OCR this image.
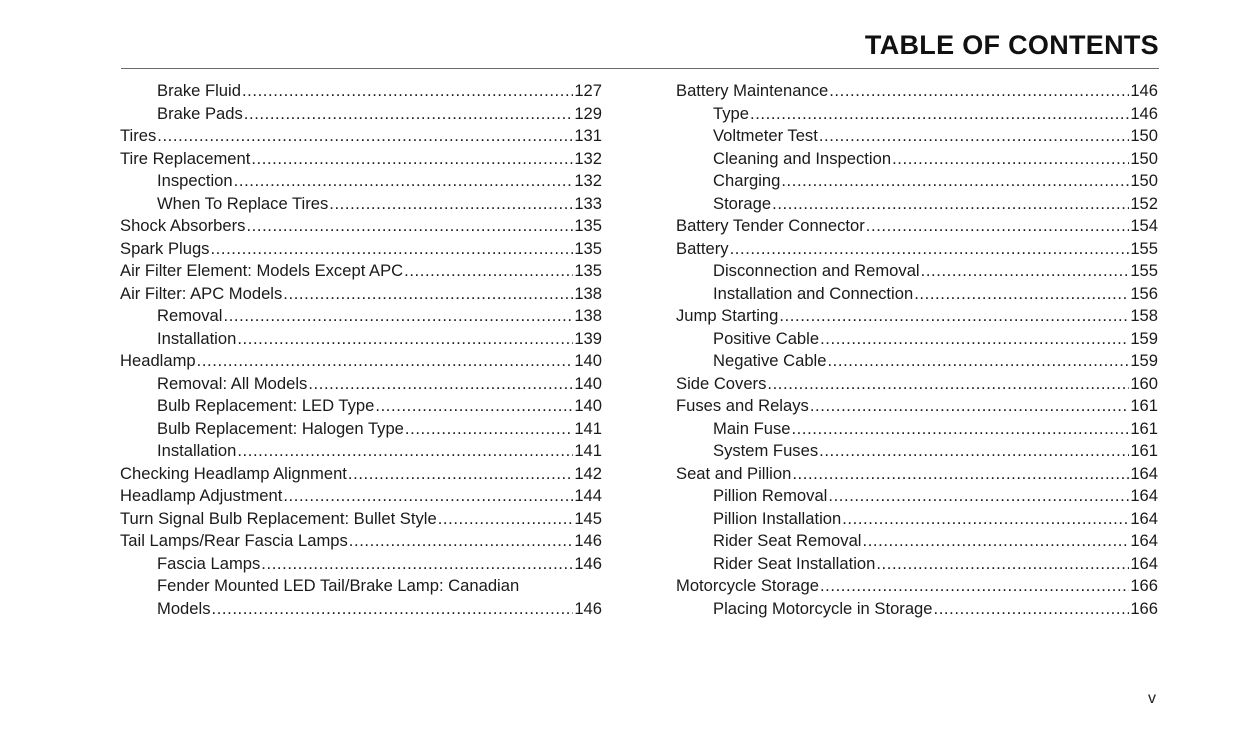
TABLE OF CONTENTS
Brake Fluid .....	127
Brake Pads .....	129
Tires .....	131
Tire Replacement .....	132
Inspection .....	132
When To Replace Tires .....	133
Shock Absorbers .....	135
Spark Plugs .....	135
Air Filter Element: Models Except APC .....	135
Air Filter: APC Models .....	138
Removal .....	138
Installation .....	139
Headlamp .....	140
Removal: All Models .....	140
Bulb Replacement: LED Type .....	140
Bulb Replacement: Halogen Type .....	141
Installation .....	141
Checking Headlamp Alignment .....	142
Headlamp Adjustment .....	144
Turn Signal Bulb Replacement: Bullet Style .....	145
Tail Lamps/Rear Fascia Lamps .....	146
Fascia Lamps .....	146
Fender Mounted LED Tail/Brake Lamp: Canadian
Models .....	146
Battery Maintenance .....	146
Type .....	146
Voltmeter Test .....	150
Cleaning and Inspection .....	150
Charging .....	150
Storage .....	152
Battery Tender Connector .....	154
Battery .....	155
Disconnection and Removal .....	155
Installation and Connection .....	156
Jump Starting .....	158
Positive Cable .....	159
Negative Cable .....	159
Side Covers .....	160
Fuses and Relays .....	161
Main Fuse .....	161
System Fuses .....	161
Seat and Pillion .....	164
Pillion Removal .....	164
Pillion Installation .....	164
Rider Seat Removal .....	164
Rider Seat Installation .....	164
Motorcycle Storage .....	166
Placing Motorcycle in Storage .....	166
v
